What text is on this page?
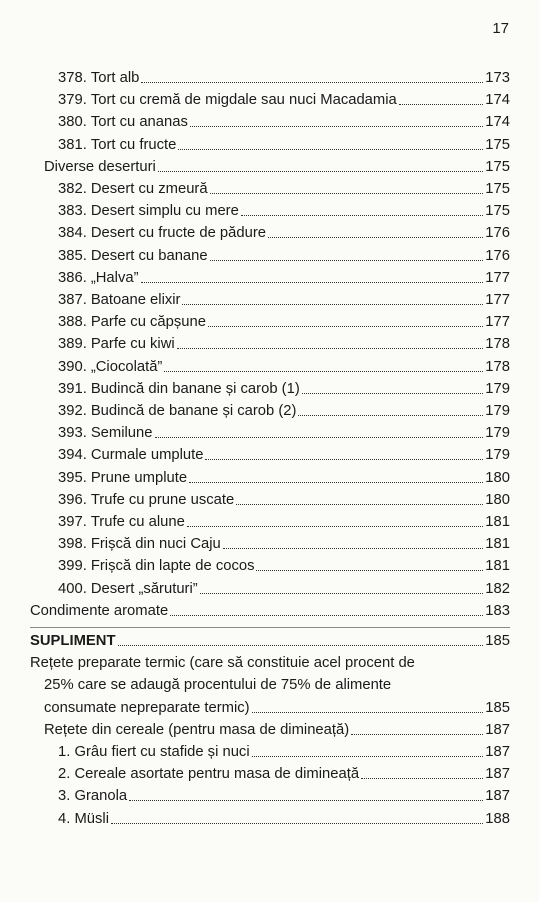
17
378. Tort alb	173
379. Tort cu cremă de migdale sau nuci Macadamia	174
380. Tort cu ananas	174
381. Tort cu fructe	175
Diverse deserturi	175
382. Desert cu zmeură	175
383. Desert simplu cu mere	175
384. Desert cu fructe de pădure	176
385. Desert cu banane	176
386. „Halva”	177
387. Batoane elixir	177
388. Parfe cu căpșune	177
389. Parfe cu kiwi	178
390. „Ciocolată”	178
391. Budincă din banane și carob (1)	179
392. Budincă de banane și carob (2)	179
393. Semilune	179
394. Curmale umplute	179
395. Prune umplute	180
396. Trufe cu prune uscate	180
397. Trufe cu alune	181
398. Frișcă din nuci Caju	181
399. Frișcă din lapte de cocos	181
400. Desert „săruturi”	182
Condimente aromate	183
SUPLIMENT	185
Rețete preparate termic (care să constituie acel procent de
25% care se adaugă procentului de 75% de alimente
consumate nepreparate termic)	185
Rețete din cereale (pentru masa de dimineață)	187
1. Grâu fiert cu stafide și nuci	187
2. Cereale asortate pentru masa de dimineață	187
3. Granola	187
4. Müsli	188
